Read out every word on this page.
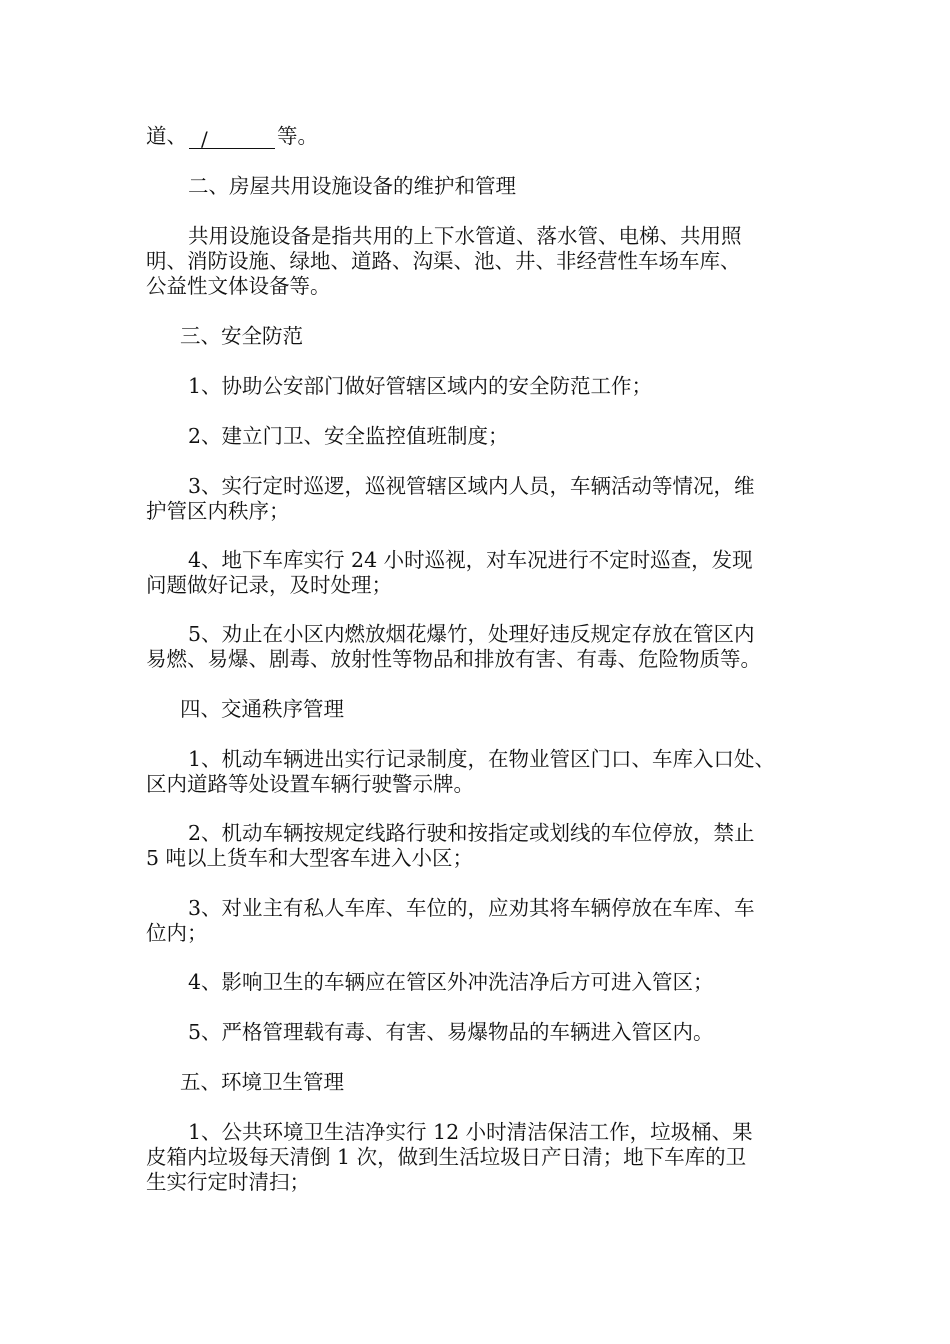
道、 /	等。

二、房屋共用设施设备的维护和管理

共用设施设备是指共用的上下水管道、落水管、电梯、共用照
明、消防设施、绿地、道路、沟渠、池、井、非经营性车场车库、
公益性文体设备等。

三、安全防范

1、协助公安部门做好管辖区域内的安全防范工作；

2、建立门卫、安全监控值班制度；

3、实行定时巡逻，巡视管辖区域内人员，车辆活动等情况，维
护管区内秩序；

4、地下车库实行 24 小时巡视，对车况进行不定时巡查，发现
问题做好记录，及时处理；

5、劝止在小区内燃放烟花爆竹，处理好违反规定存放在管区内
易燃、易爆、剧毒、放射性等物品和排放有害、有毒、危险物质等。

四、交通秩序管理

1、机动车辆进出实行记录制度，在物业管区门口、车库入口处、
区内道路等处设置车辆行驶警示牌。

2、机动车辆按规定线路行驶和按指定或划线的车位停放，禁止
5 吨以上货车和大型客车进入小区；

3、对业主有私人车库、车位的，应劝其将车辆停放在车库、车
位内；

4、影响卫生的车辆应在管区外冲洗洁净后方可进入管区；

5、严格管理载有毒、有害、易爆物品的车辆进入管区内。

五、环境卫生管理

1、公共环境卫生洁净实行 12 小时清洁保洁工作，垃圾桶、果
皮箱内垃圾每天清倒 1 次，做到生活垃圾日产日清；地下车库的卫
生实行定时清扫；
